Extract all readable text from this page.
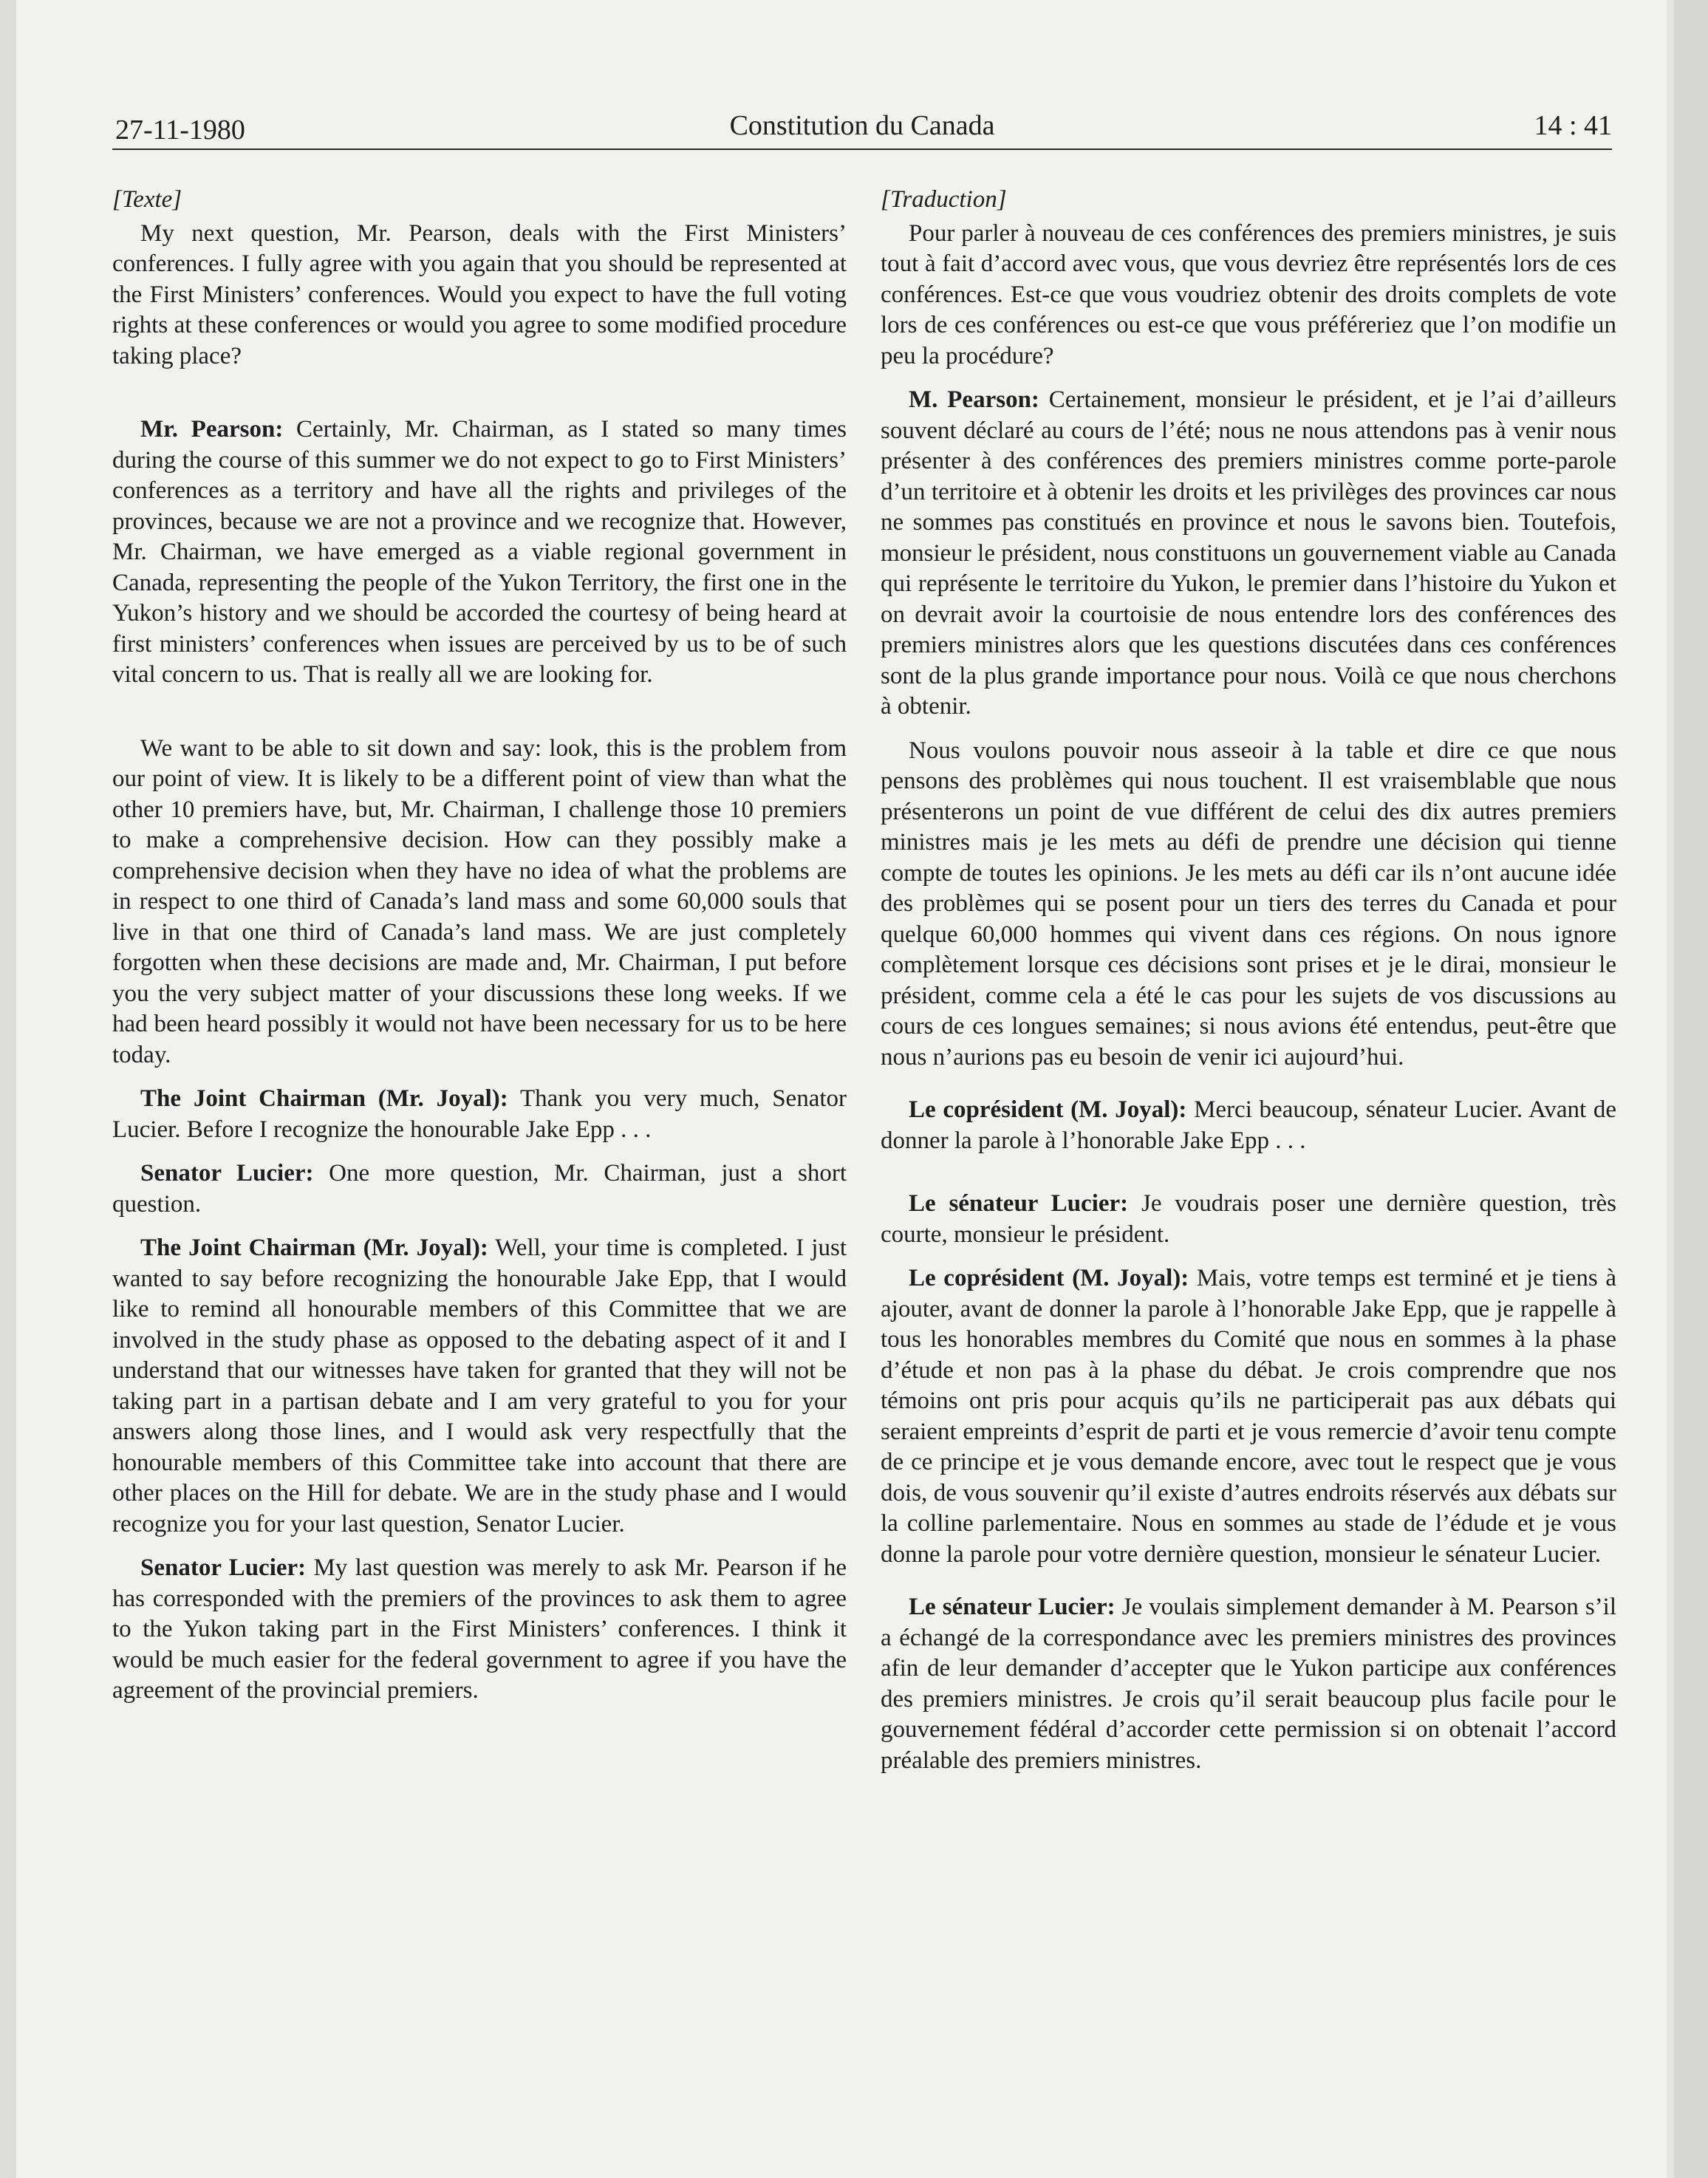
27-11-1980	Constitution du Canada	14 : 41
[Texte]

My next question, Mr. Pearson, deals with the First Ministers’ conferences. I fully agree with you again that you should be represented at the First Ministers’ conferences. Would you expect to have the full voting rights at these conferences or would you agree to some modified procedure taking place?

Mr. Pearson: Certainly, Mr. Chairman, as I stated so many times during the course of this summer we do not expect to go to First Ministers’ conferences as a territory and have all the rights and privileges of the provinces, because we are not a province and we recognize that. However, Mr. Chairman, we have emerged as a viable regional government in Canada, representing the people of the Yukon Territory, the first one in the Yukon’s history and we should be accorded the courtesy of being heard at first ministers’ conferences when issues are perceived by us to be of such vital concern to us. That is really all we are looking for.

We want to be able to sit down and say: look, this is the problem from our point of view. It is likely to be a different point of view than what the other 10 premiers have, but, Mr. Chairman, I challenge those 10 premiers to make a comprehensive decision. How can they possibly make a comprehensive decision when they have no idea of what the problems are in respect to one third of Canada’s land mass and some 60,000 souls that live in that one third of Canada’s land mass. We are just completely forgotten when these decisions are made and, Mr. Chairman, I put before you the very subject matter of your discussions these long weeks. If we had been heard possibly it would not have been necessary for us to be here today.

The Joint Chairman (Mr. Joyal): Thank you very much, Senator Lucier. Before I recognize the honourable Jake Epp . . .

Senator Lucier: One more question, Mr. Chairman, just a short question.

The Joint Chairman (Mr. Joyal): Well, your time is completed. I just wanted to say before recognizing the honourable Jake Epp, that I would like to remind all honourable members of this Committee that we are involved in the study phase as opposed to the debating aspect of it and I understand that our witnesses have taken for granted that they will not be taking part in a partisan debate and I am very grateful to you for your answers along those lines, and I would ask very respectfully that the honourable members of this Committee take into account that there are other places on the Hill for debate. We are in the study phase and I would recognize you for your last question, Senator Lucier.

Senator Lucier: My last question was merely to ask Mr. Pearson if he has corresponded with the premiers of the provinces to ask them to agree to the Yukon taking part in the First Ministers’ conferences. I think it would be much easier for the federal government to agree if you have the agreement of the provincial premiers.

[Traduction]

Pour parler à nouveau de ces conférences des premiers ministres, je suis tout à fait d’accord avec vous, que vous devriez être représentés lors de ces conférences. Est-ce que vous voudriez obtenir des droits complets de vote lors de ces conférences ou est-ce que vous préféreriez que l’on modifie un peu la procédure?

M. Pearson: Certainement, monsieur le président, et je l’ai d’ailleurs souvent déclaré au cours de l’été; nous ne nous attendons pas à venir nous présenter à des conférences des premiers ministres comme porte-parole d’un territoire et à obtenir les droits et les privilèges des provinces car nous ne sommes pas constitués en province et nous le savons bien. Toutefois, monsieur le président, nous constituons un gouvernement viable au Canada qui représente le territoire du Yukon, le premier dans l’histoire du Yukon et on devrait avoir la courtoisie de nous entendre lors des conférences des premiers ministres alors que les questions discutées dans ces conférences sont de la plus grande importance pour nous. Voilà ce que nous cherchons à obtenir.

Nous voulons pouvoir nous asseoir à la table et dire ce que nous pensons des problèmes qui nous touchent. Il est vraisemblable que nous présenterons un point de vue différent de celui des dix autres premiers ministres mais je les mets au défi de prendre une décision qui tienne compte de toutes les opinions. Je les mets au défi car ils n’ont aucune idée des problèmes qui se posent pour un tiers des terres du Canada et pour quelque 60,000 hommes qui vivent dans ces régions. On nous ignore complètement lorsque ces décisions sont prises et je le dirai, monsieur le président, comme cela a été le cas pour les sujets de vos discussions au cours de ces longues semaines; si nous avions été entendus, peut-être que nous n’aurions pas eu besoin de venir ici aujourd’hui.

Le coprésident (M. Joyal): Merci beaucoup, sénateur Lucier. Avant de donner la parole à l’honorable Jake Epp . . .

Le sénateur Lucier: Je voudrais poser une dernière question, très courte, monsieur le président.

Le coprésident (M. Joyal): Mais, votre temps est terminé et je tiens à ajouter, avant de donner la parole à l’honorable Jake Epp, que je rappelle à tous les honorables membres du Comité que nous en sommes à la phase d’étude et non pas à la phase du débat. Je crois comprendre que nos témoins ont pris pour acquis qu’ils ne participerait pas aux débats qui seraient empreints d’esprit de parti et je vous remercie d’avoir tenu compte de ce principe et je vous demande encore, avec tout le respect que je vous dois, de vous souvenir qu’il existe d’autres endroits réservés aux débats sur la colline parlementaire. Nous en sommes au stade de l’édude et je vous donne la parole pour votre dernière question, monsieur le sénateur Lucier.

Le sénateur Lucier: Je voulais simplement demander à M. Pearson s’il a échangé de la correspondance avec les premiers ministres des provinces afin de leur demander d’accepter que le Yukon participe aux conférences des premiers ministres. Je crois qu’il serait beaucoup plus facile pour le gouvernement fédéral d’accorder cette permission si on obtenait l’accord préalable des premiers ministres.
